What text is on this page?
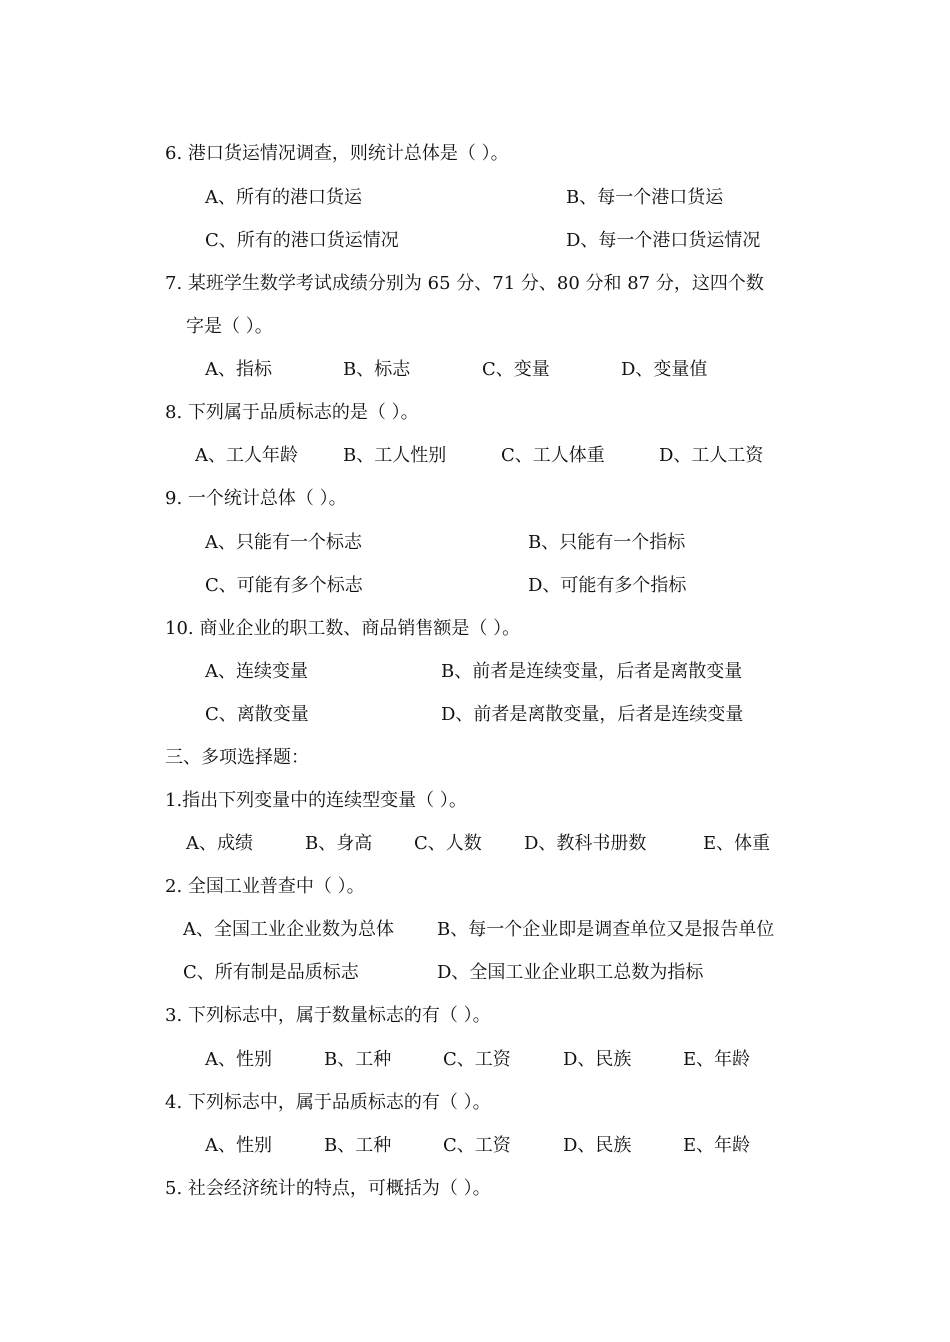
6. 港口货运情况调查，则统计总体是（ ）。
A、所有的港口货运	B、每一个港口货运
C、所有的港口货运情况	D、每一个港口货运情况
7. 某班学生数学考试成绩分别为 65 分、71 分、80 分和 87 分，这四个数
字是（ ）。
A、指标	B、标志	C、变量	D、变量值
8. 下列属于品质标志的是（ ）。
A、工人年龄	B、工人性别	C、工人体重	D、工人工资
9. 一个统计总体（ ）。
A、只能有一个标志	B、只能有一个指标
C、可能有多个标志	D、可能有多个指标
10. 商业企业的职工数、商品销售额是（ ）。
A、连续变量	B、前者是连续变量，后者是离散变量
C、离散变量	D、前者是离散变量，后者是连续变量
三、多项选择题：
1.指出下列变量中的连续型变量（ ）。
A、成绩	B、身高 C、人数 D、教科书册数	E、体重
2. 全国工业普查中（ ）。
A、全国工业企业数为总体 B、每一个企业即是调查单位又是报告单位
C、所有制是品质标志	D、全国工业企业职工总数为指标
3. 下列标志中，属于数量标志的有（ ）。
A、性别	B、工种	C、工资	D、民族	E、年龄
4. 下列标志中，属于品质标志的有（ ）。
A、性别	B、工种	C、工资	D、民族	E、年龄
5. 社会经济统计的特点，可概括为（ ）。
